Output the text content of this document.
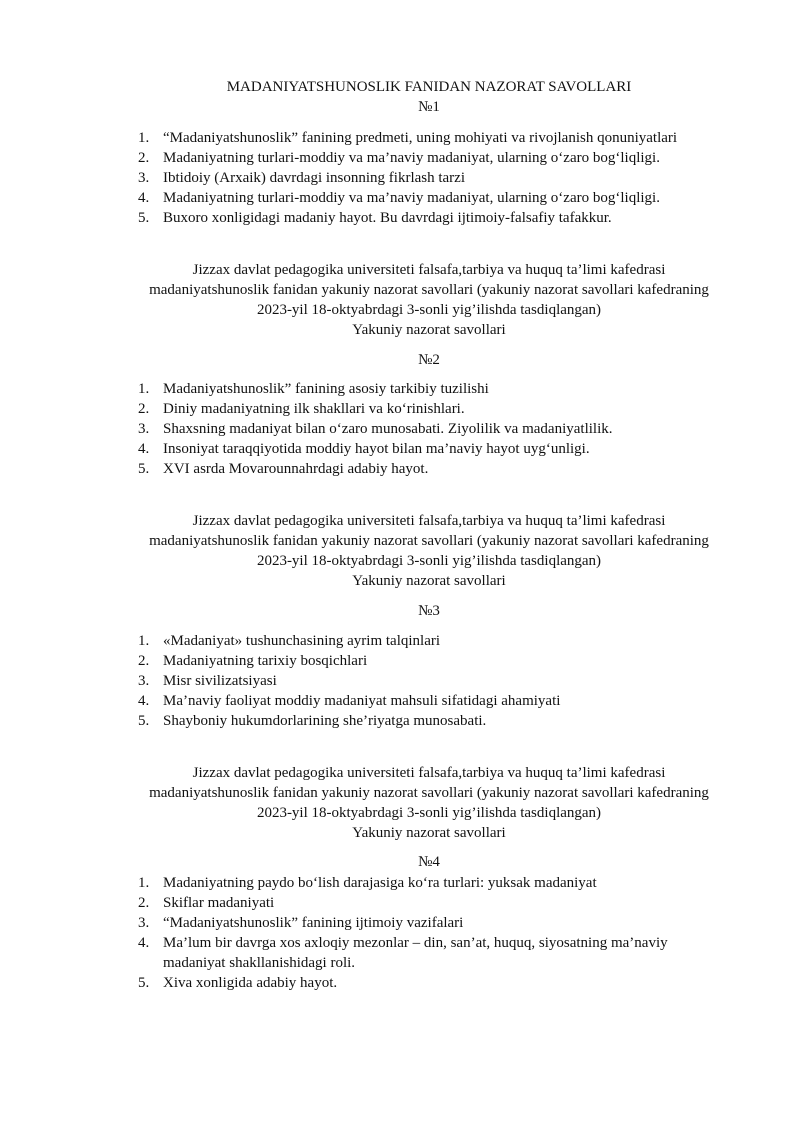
MADANIYATSHUNOSLIK FANIDAN NAZORAT SAVOLLARI
№1
1. “Madaniyatshunoslik” fanining predmeti, uning mohiyati va rivojlanish qonuniyatlari
2. Madaniyatning turlari-moddiy va ma’naviy madaniyat, ularning o‘zaro bog‘liqligi.
3. Ibtidoiy (Arxaik) davrdagi insonning fikrlash tarzi
4. Madaniyatning turlari-moddiy va ma’naviy madaniyat, ularning o‘zaro bog‘liqligi.
5. Buxoro xonligidagi madaniy hayot. Bu davrdagi ijtimoiy-falsafiy tafakkur.
Jizzax davlat pedagogika universiteti falsafa,tarbiya va huquq ta’limi kafedrasi
madaniyatshunoslik fanidan yakuniy nazorat savollari (yakuniy nazorat savollari kafedraning
2023-yil 18-oktyabrdagi 3-sonli yig’ilishda tasdiqlangan)
Yakuniy nazorat savollari
№2
1. Madaniyatshunoslik” fanining asosiy tarkibiy tuzilishi
2. Diniy madaniyatning ilk shakllari va ko‘rinishlari.
3. Shaxsning madaniyat bilan o‘zaro munosabati. Ziyolilik va madaniyatlilik.
4. Insoniyat taraqqiyotida moddiy hayot bilan ma’naviy hayot uyg‘unligi.
5. XVI asrda Movarounnahrdagi adabiy hayot.
Jizzax davlat pedagogika universiteti falsafa,tarbiya va huquq ta’limi kafedrasi
madaniyatshunoslik fanidan yakuniy nazorat savollari (yakuniy nazorat savollari kafedraning
2023-yil 18-oktyabrdagi 3-sonli yig’ilishda tasdiqlangan)
Yakuniy nazorat savollari
№3
1. «Madaniyat» tushunchasining ayrim talqinlari
2. Madaniyatning tarixiy bosqichlari
3. Misr sivilizatsiyasi
4. Ma’naviy faoliyat moddiy madaniyat mahsuli sifatidagi ahamiyati
5. Shayboniy hukumdorlarining she’riyatga munosabati.
Jizzax davlat pedagogika universiteti falsafa,tarbiya va huquq ta’limi kafedrasi
madaniyatshunoslik fanidan yakuniy nazorat savollari (yakuniy nazorat savollari kafedraning
2023-yil 18-oktyabrdagi 3-sonli yig’ilishda tasdiqlangan)
Yakuniy nazorat savollari
№4
1. Madaniyatning paydo bo‘lish darajasiga ko‘ra turlari: yuksak madaniyat
2. Skiflar madaniyati
3. “Madaniyatshunoslik” fanining ijtimoiy vazifalari
4. Ma’lum bir davrga xos axloqiy mezonlar – din, san’at, huquq, siyosatning ma’naviy madaniyat shakllanishidagi roli.
5. Xiva xonligida adabiy hayot.
